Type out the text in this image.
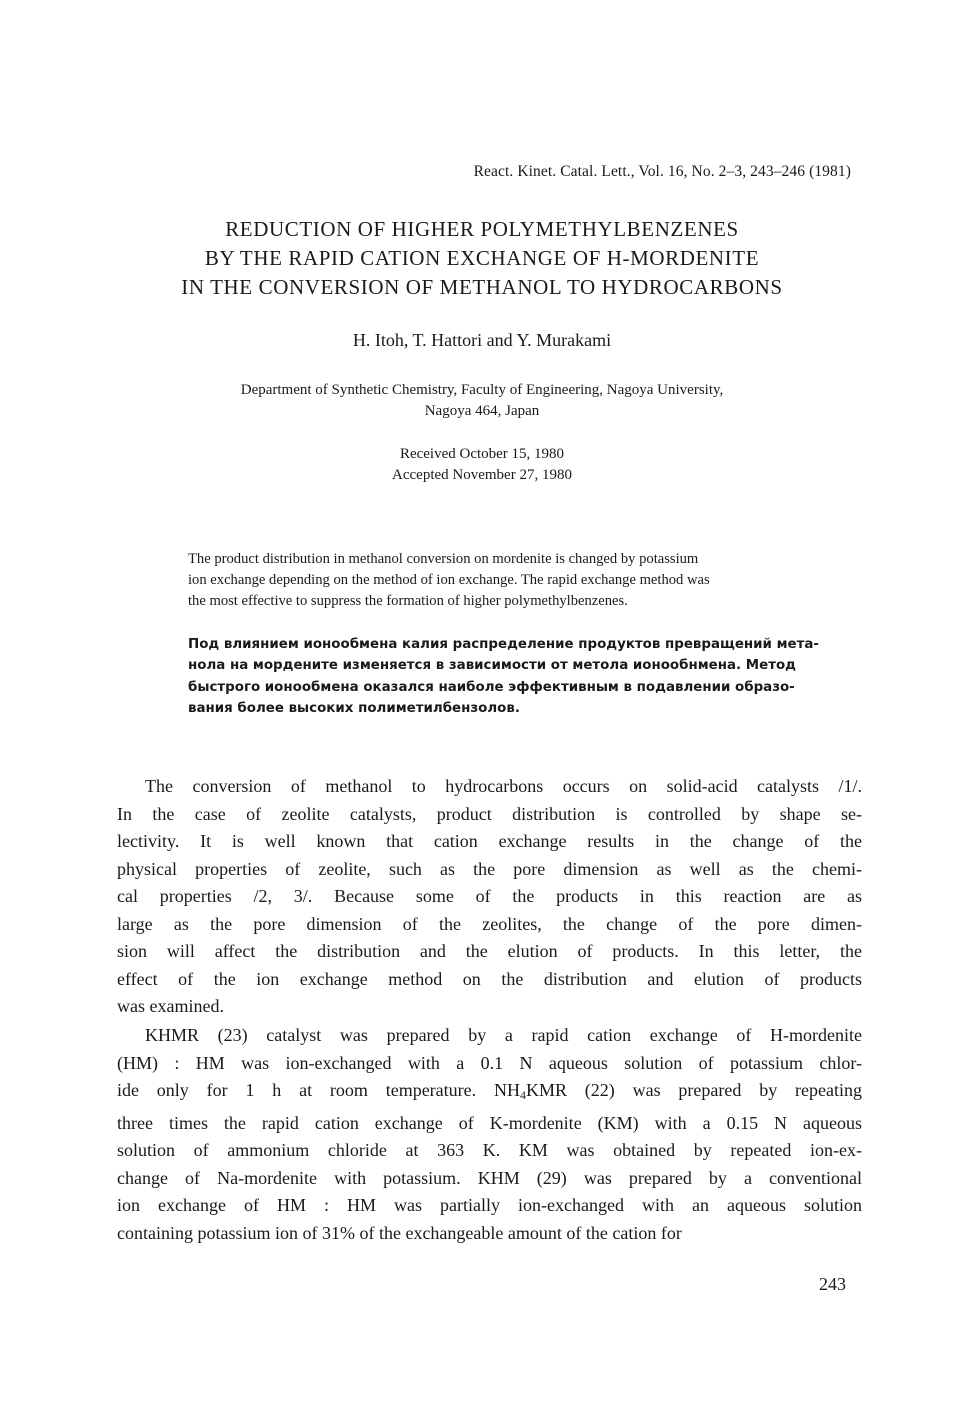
React. Kinet. Catal. Lett., Vol. 16, No. 2–3, 243–246 (1981)
REDUCTION OF HIGHER POLYMETHYLBENZENES
BY THE RAPID CATION EXCHANGE OF H-MORDENITE
IN THE CONVERSION OF METHANOL TO HYDROCARBONS
H. Itoh, T. Hattori and Y. Murakami
Department of Synthetic Chemistry, Faculty of Engineering, Nagoya University,
Nagoya 464, Japan
Received October 15, 1980
Accepted November 27, 1980
The product distribution in methanol conversion on mordenite is changed by potassium
ion exchange depending on the method of ion exchange. The rapid exchange method was
the most effective to suppress the formation of higher polymethylbenzenes.
Под влиянием ионообмена калия распределение продуктов превращений мета-
нола на мордените изменяется в зависимости от метола ионообнмена. Метод
быстрого ионообмена оказался наиболе эффективным в подавлении образо-
вания более высоких полиметилбензолов.
The conversion of methanol to hydrocarbons occurs on solid-acid catalysts /1/.
In the case of zeolite catalysts, product distribution is controlled by shape se-
lectivity. It is well known that cation exchange results in the change of the
physical properties of zeolite, such as the pore dimension as well as the chemi-
cal properties /2, 3/. Because some of the products in this reaction are as
large as the pore dimension of the zeolites, the change of the pore dimen-
sion will affect the distribution and the elution of products. In this letter, the
effect of the ion exchange method on the distribution and elution of products
was examined.
KHMR (23) catalyst was prepared by a rapid cation exchange of H-mordenite
(HM) : HM was ion-exchanged with a 0.1 N aqueous solution of potassium chlor-
ide only for 1 h at room temperature. $NH_4KMR$ (22) was prepared by repeating
three times the rapid cation exchange of K-mordenite (KM) with a 0.15 N aqueous
solution of ammonium chloride at 363 K. KM was obtained by repeated ion-ex-
change of Na-mordenite with potassium. KHM (29) was prepared by a conventional
ion exchange of HM : HM was partially ion-exchanged with an aqueous solution
containing potassium ion of 31% of the exchangeable amount of the cation for
243
